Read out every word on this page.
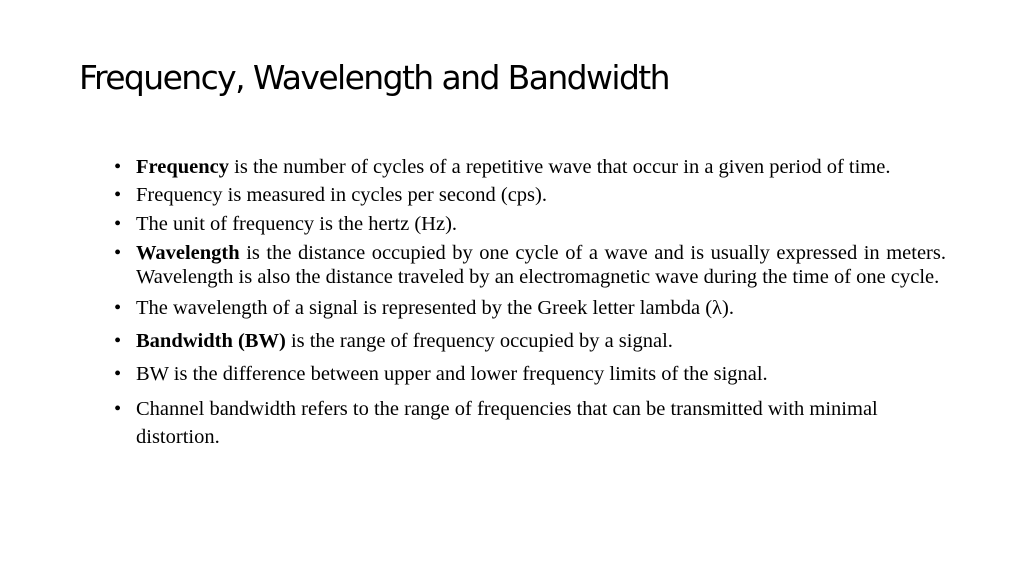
Frequency, Wavelength and Bandwidth
• Frequency is the number of cycles of a repetitive wave that occur in a given period of time.
• Frequency is measured in cycles per second (cps).
• The unit of frequency is the hertz (Hz).
• Wavelength is the distance occupied by one cycle of a wave and is usually expressed in meters. Wavelength is also the distance traveled by an electromagnetic wave during the time of one cycle.
• The wavelength of a signal is represented by the Greek letter lambda (λ).
• Bandwidth (BW) is the range of frequency occupied by a signal.
• BW is the difference between upper and lower frequency limits of the signal.
• Channel bandwidth refers to the range of frequencies that can be transmitted with minimal distortion.
